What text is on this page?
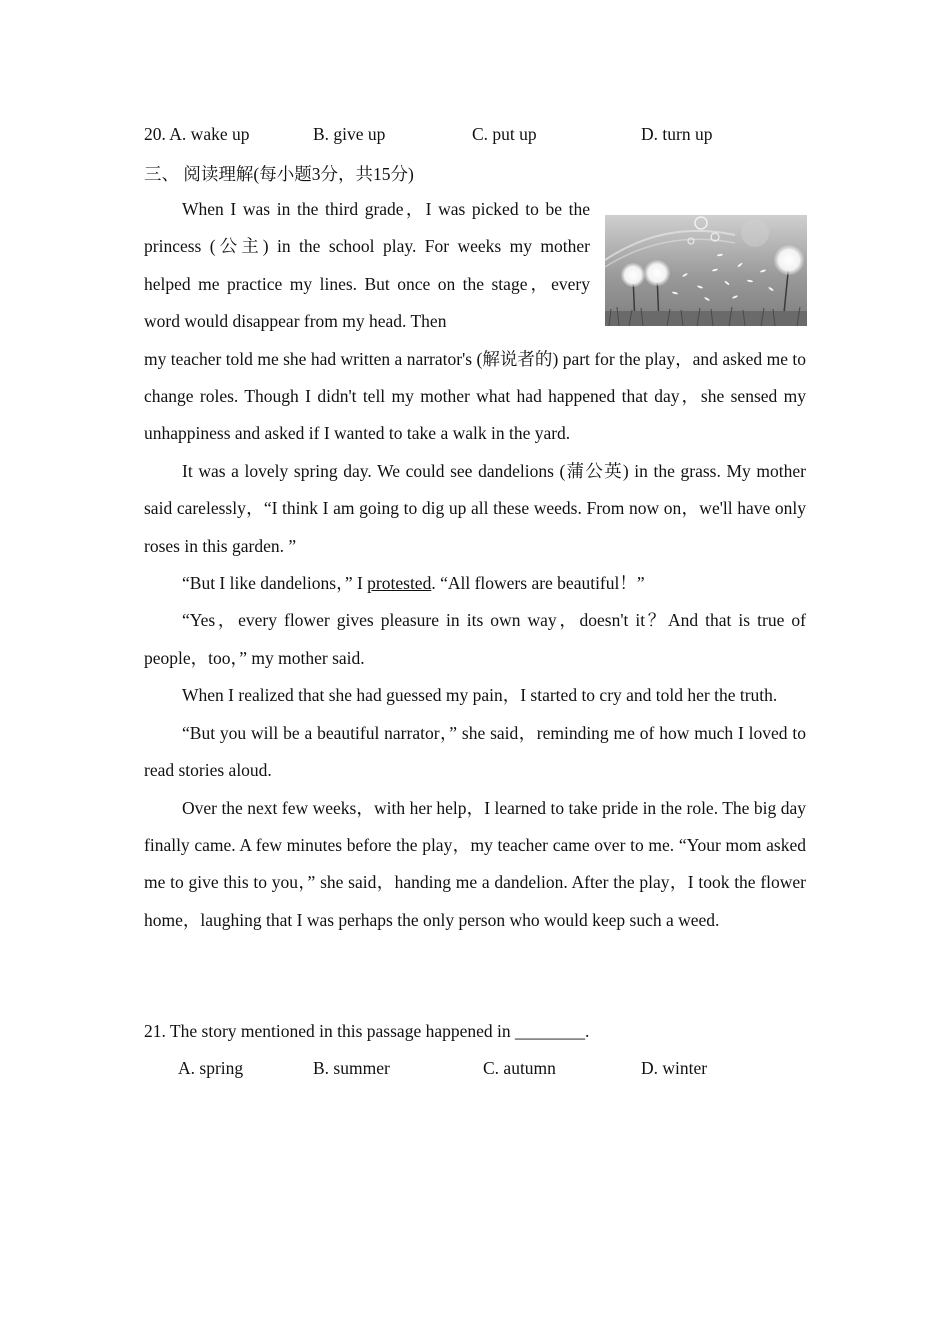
20. A. wake up	B. give up	C. put up	D. turn up
三、 阅读理解(每小题3分，共15分)

When I was in the third grade，I was picked to be the princess (公主) in the school play. For weeks my mother helped me practice my lines. But once on the stage，every word would disappear from my head. Then

my teacher told me she had written a narrator's (解说者的) part for the play，and asked me to change roles. Though I didn't tell my mother what had happened that day，she sensed my unhappiness and asked if I wanted to take a walk in the yard.

It was a lovely spring day. We could see dandelions (蒲公英) in the grass. My mother said carelessly，“I think I am going to dig up all these weeds. From now on，we'll have only roses in this garden. ”

“But I like dandelions，” I protested. “All flowers are beautiful！”

“Yes，every flower gives pleasure in its own way，doesn't it？And that is true of people，too，” my mother said.

When I realized that she had guessed my pain，I started to cry and told her the truth.

“But you will be a beautiful narrator，” she said，reminding me of how much I loved to read stories aloud.

Over the next few weeks，with her help，I learned to take pride in the role. The big day finally came. A few minutes before the play，my teacher came over to me. “Your mom asked me to give this to you，” she said，handing me a dandelion. After the play，I took the flower home，laughing that I was perhaps the only person who would keep such a weed.

21. The story mentioned in this passage happened in ________.
A. spring	B. summer	C. autumn	D. winter
